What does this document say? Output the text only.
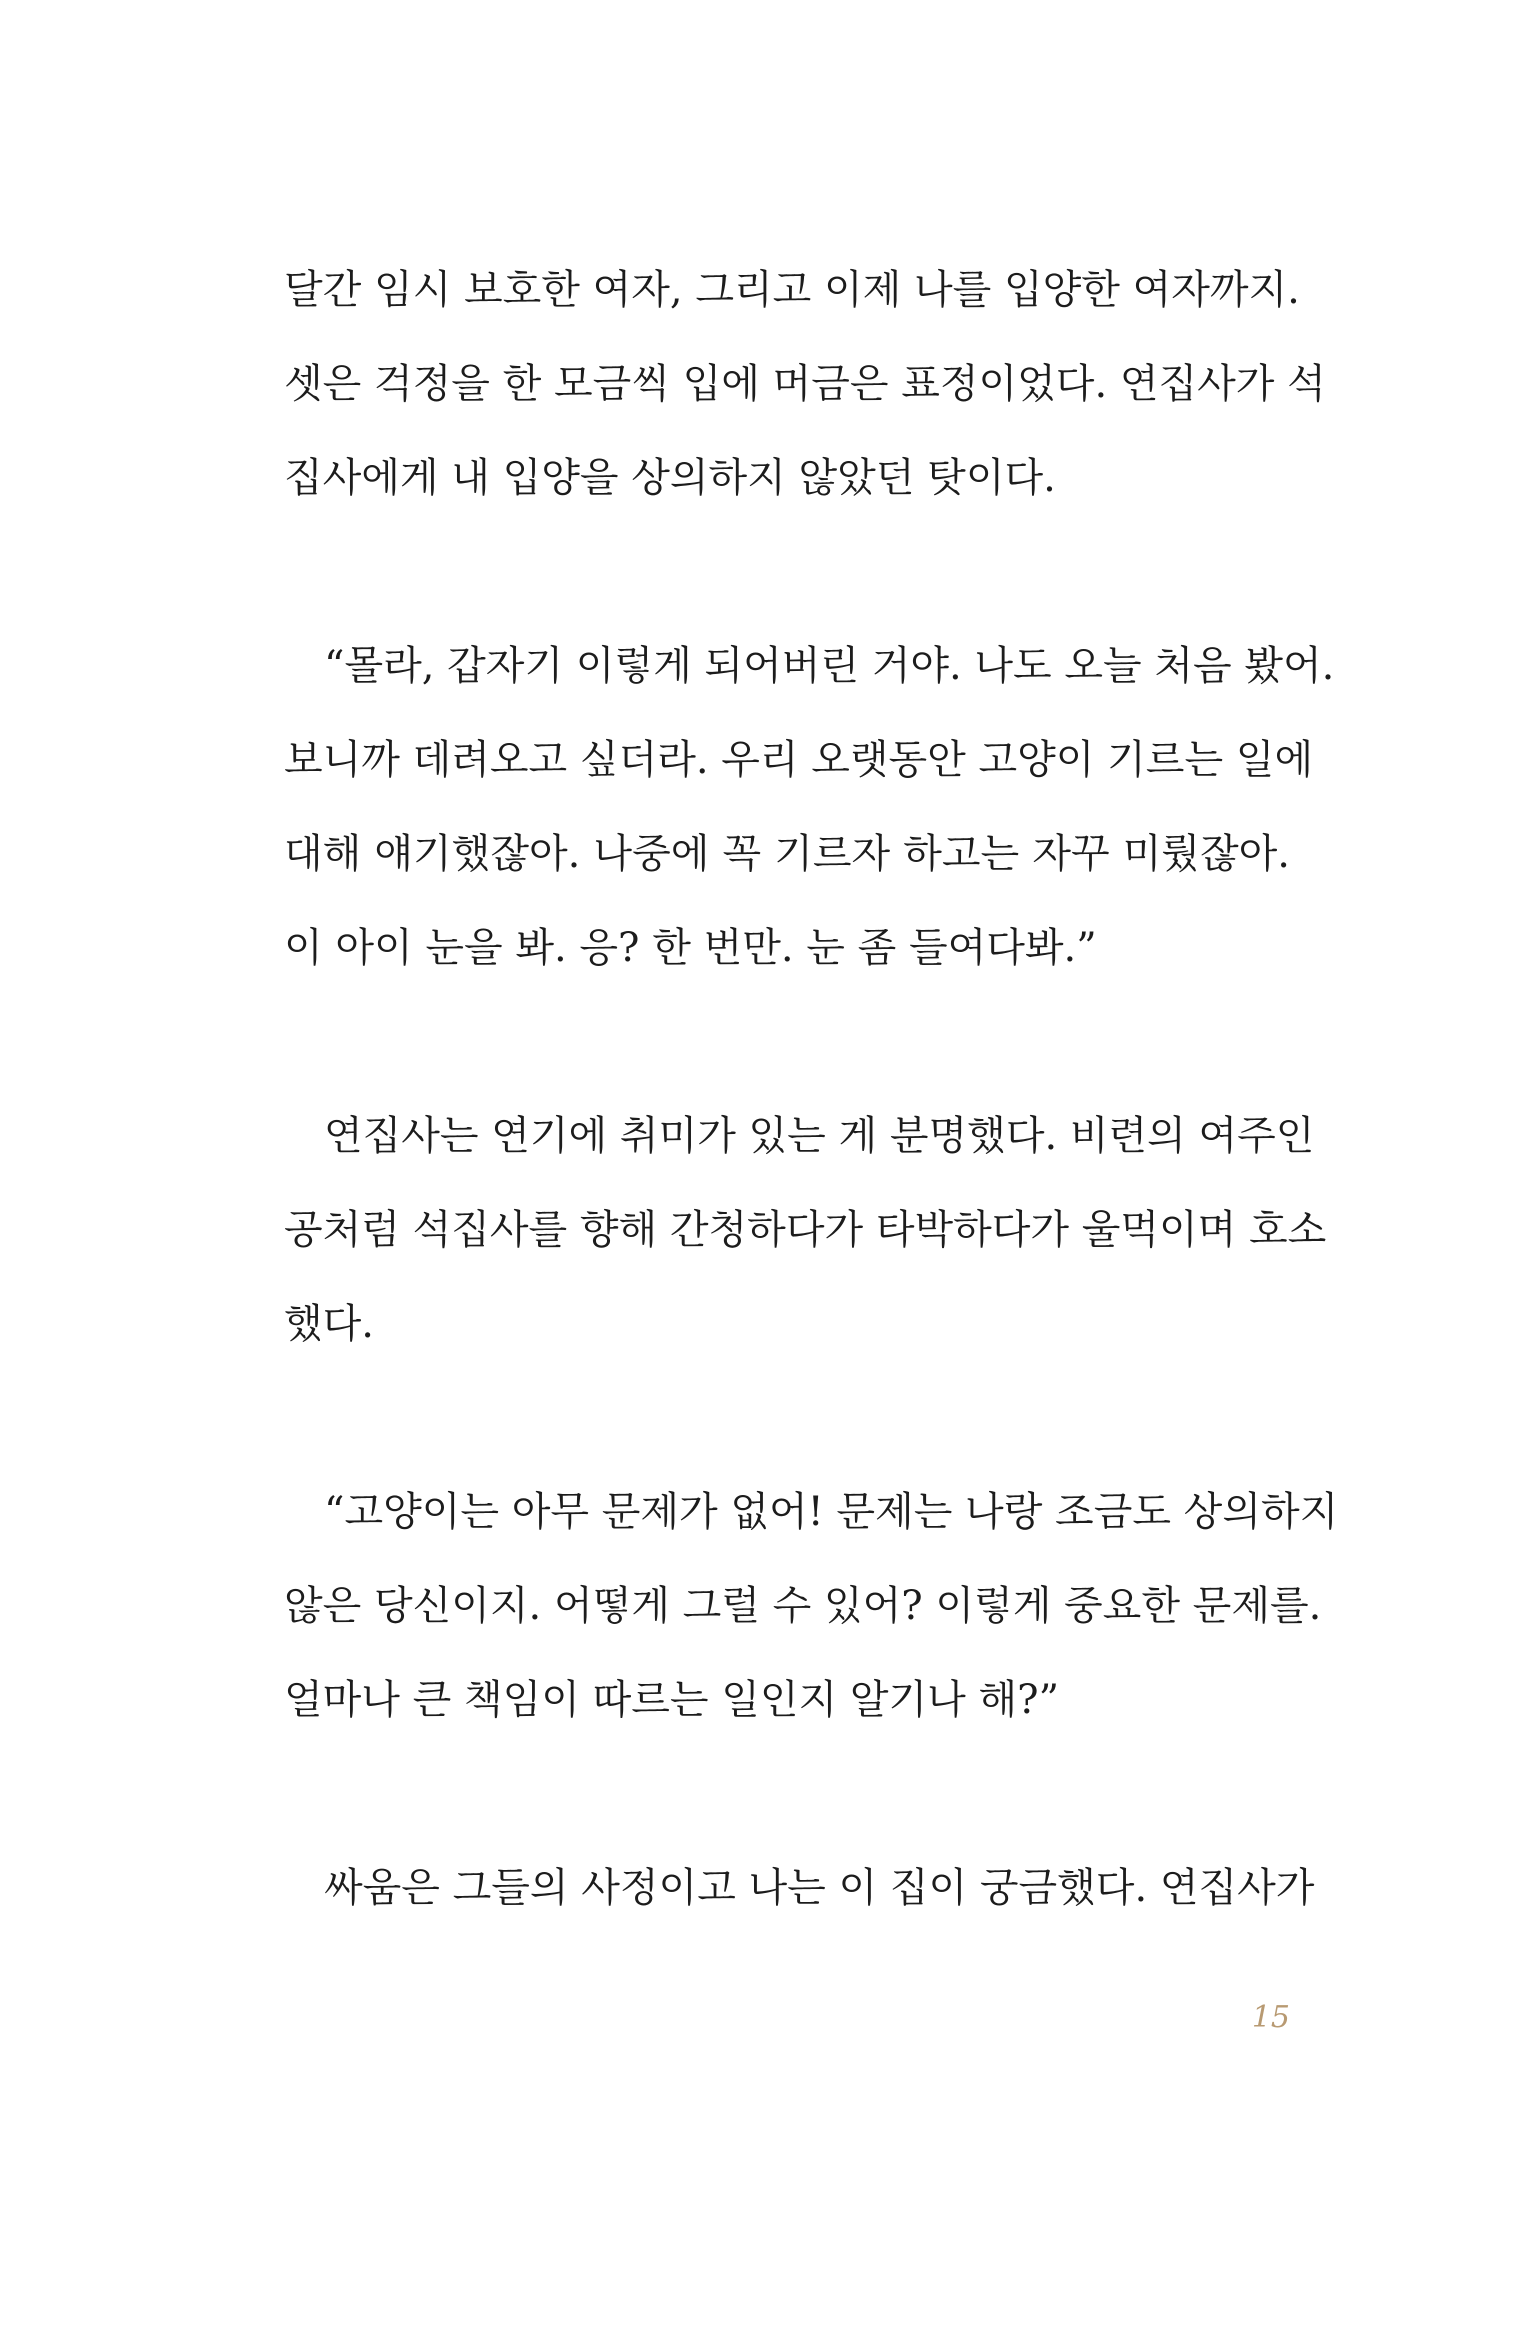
달간 임시 보호한 여자, 그리고 이제 나를 입양한 여자까지.
셋은 걱정을 한 모금씩 입에 머금은 표정이었다. 연집사가 석
집사에게 내 입양을 상의하지 않았던 탓이다.
“몰라, 갑자기 이렇게 되어버린 거야. 나도 오늘 처음 봤어.
보니까 데려오고 싶더라. 우리 오랫동안 고양이 기르는 일에
대해 얘기했잖아. 나중에 꼭 기르자 하고는 자꾸 미뤘잖아.
이 아이 눈을 봐. 응? 한 번만. 눈 좀 들여다봐.”
연집사는 연기에 취미가 있는 게 분명했다. 비련의 여주인
공처럼 석집사를 향해 간청하다가 타박하다가 울먹이며 호소
했다.
“고양이는 아무 문제가 없어! 문제는 나랑 조금도 상의하지
않은 당신이지. 어떻게 그럴 수 있어? 이렇게 중요한 문제를.
얼마나 큰 책임이 따르는 일인지 알기나 해?”
싸움은 그들의 사정이고 나는 이 집이 궁금했다. 연집사가
15
